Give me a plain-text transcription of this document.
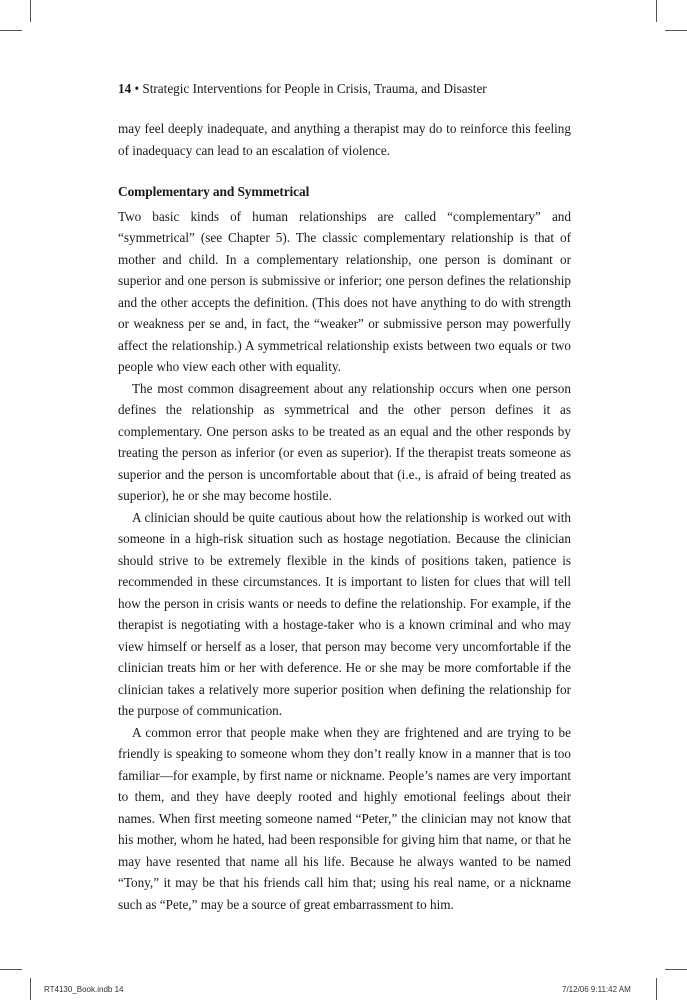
14 • Strategic Interventions for People in Crisis, Trauma, and Disaster

may feel deeply inadequate, and anything a therapist may do to reinforce this feeling of inadequacy can lead to an escalation of violence.

Complementary and Symmetrical

Two basic kinds of human relationships are called “complementary” and “symmetrical” (see Chapter 5). The classic complementary relationship is that of mother and child. In a complementary relationship, one person is dominant or superior and one person is submissive or inferior; one person defines the relationship and the other accepts the definition. (This does not have anything to do with strength or weakness per se and, in fact, the “weaker” or submissive person may powerfully affect the relationship.) A symmetrical relationship exists between two equals or two people who view each other with equality.

The most common disagreement about any relationship occurs when one person defines the relationship as symmetrical and the other person defines it as complementary. One person asks to be treated as an equal and the other responds by treating the person as inferior (or even as superior). If the therapist treats someone as superior and the person is uncomfortable about that (i.e., is afraid of being treated as superior), he or she may become hostile.

A clinician should be quite cautious about how the relationship is worked out with someone in a high-risk situation such as hostage negotiation. Because the clinician should strive to be extremely flexible in the kinds of positions taken, patience is recommended in these circumstances. It is important to listen for clues that will tell how the person in crisis wants or needs to define the relationship. For example, if the therapist is negotiating with a hostage-taker who is a known criminal and who may view himself or herself as a loser, that person may become very uncomfortable if the clinician treats him or her with deference. He or she may be more comfortable if the clinician takes a relatively more superior position when defining the relationship for the purpose of communication.

A common error that people make when they are frightened and are trying to be friendly is speaking to someone whom they don’t really know in a manner that is too familiar—for example, by first name or nickname. People’s names are very important to them, and they have deeply rooted and highly emotional feelings about their names. When first meeting someone named “Peter,” the clinician may not know that his mother, whom he hated, had been responsible for giving him that name, or that he may have resented that name all his life. Because he always wanted to be named “Tony,” it may be that his friends call him that; using his real name, or a nickname such as “Pete,” may be a source of great embarrassment to him.

RT4130_Book.indb 14	7/12/06 9:11:42 AM
